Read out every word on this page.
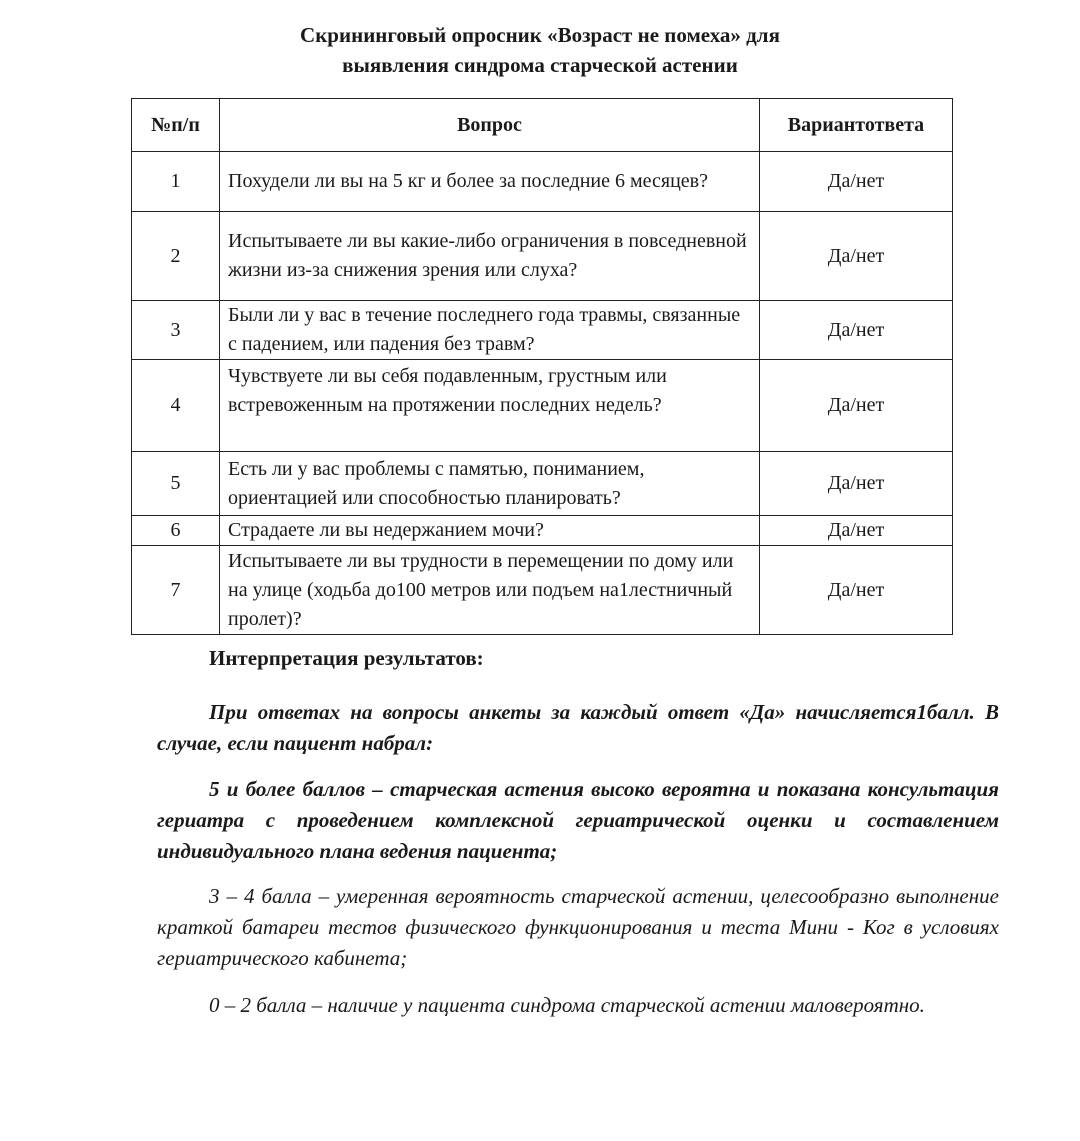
Скрининговый опросник «Возраст не помеха» для
выявления синдрома старческой астении
№п/п	Вопрос	Вариантответа
1	Похудели ли вы на 5 кг и более за последние 6 месяцев?	Да/нет
2	Испытываете ли вы какие-либо ограничения в повседневной жизни из-за снижения зрения или слуха?	Да/нет
3	Были ли у вас в течение последнего года травмы, связанные с падением, или падения без травм?	Да/нет
4	Чувствуете ли вы себя подавленным, грустным или встревоженным на протяжении последних недель?	Да/нет
5	Есть ли у вас проблемы с памятью, пониманием, ориентацией или способностью планировать?	Да/нет
6	Страдаете ли вы недержанием мочи?	Да/нет
7	Испытываете ли вы трудности в перемещении по дому или на улице (ходьба до100 метров или подъем на1лестничный пролет)?	Да/нет
Интерпретация результатов:

При ответах на вопросы анкеты за каждый ответ «Да» начисляется1балл. В случае, если пациент набрал:

5 и более баллов – старческая астения высоко вероятна и показана консультация гериатра с проведением комплексной гериатрической оценки и составлением индивидуального плана ведения пациента;

3 – 4 балла – умеренная вероятность старческой астении, целесообразно выполнение краткой батареи тестов физического функционирования и теста Мини - Ког в условиях гериатрического кабинета;

0 – 2 балла – наличие у пациента синдрома старческой астении маловероятно.
